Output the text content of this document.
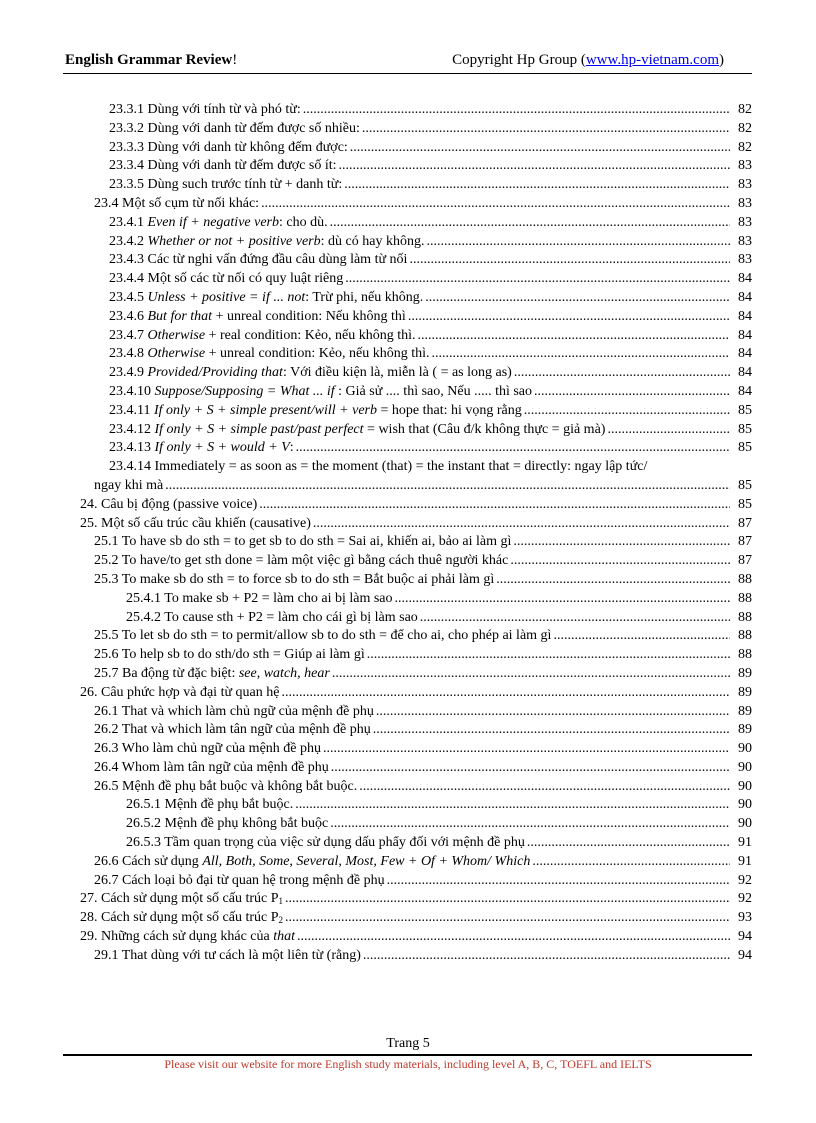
English Grammar Review!	Copyright Hp Group (www.hp-vietnam.com)
23.3.1 Dùng với tính từ và phó từ: .....	82
23.3.2 Dùng với danh từ đếm được số nhiều: .....	82
23.3.3 Dùng với danh từ không đếm được: .....	82
23.3.4 Dùng với danh từ đếm được số ít: .....	83
23.3.5 Dùng such trước tính từ + danh từ: .....	83
23.4 Một số cụm từ nối khác: .....	83
23.4.1 Even if + negative verb: cho dù. .....	83
23.4.2 Whether or not + positive verb: dù có hay không. .....	83
23.4.3 Các từ nghi vấn đứng đầu câu dùng làm từ nối .....	83
23.4.4 Một số các từ nối có quy luật riêng .....	84
23.4.5 Unless + positive = if ... not: Trừ phi, nếu không. .....	84
23.4.6 But for that + unreal condition: Nếu không thì .....	84
23.4.7 Otherwise + real condition: Kẻo, nếu không thì. .....	84
23.4.8 Otherwise + unreal condition: Kẻo, nếu không thì. .....	84
23.4.9 Provided/Providing that: Với điều kiện là, miễn là ( = as long as) .....	84
23.4.10 Suppose/Supposing = What ... if : Giả sử .... thì sao, Nếu ..... thì sao .....	84
23.4.11 If only + S + simple present/will + verb = hope that: hi vọng rằng .....	85
23.4.12 If only + S + simple past/past perfect = wish that (Câu đ/k không thực = giả mà) .....	85
23.4.13 If only + S + would + V: .....	85
23.4.14 Immediately = as soon as = the moment (that) = the instant that = directly: ngay lập tức/
ngay khi mà .....	85
24. Câu bị động (passive voice) .....	85
25. Một số cấu trúc cầu khiến (causative) .....	87
25.1 To have sb do sth = to get sb to do sth = Sai ai, khiến ai, bảo ai làm gì .....	87
25.2 To have/to get sth done = làm một việc gì bằng cách thuê người khác .....	87
25.3 To make sb do sth = to force sb to do sth = Bắt buộc ai phải làm gì .....	88
25.4.1 To make sb + P2 = làm cho ai bị làm sao .....	88
25.4.2 To cause sth + P2 = làm cho cái gì bị làm sao .....	88
25.5 To let sb do sth = to permit/allow sb to do sth = để cho ai, cho phép ai làm gì .....	88
25.6 To help sb to do sth/do sth = Giúp ai làm gì .....	88
25.7 Ba động từ đặc biệt: see, watch, hear .....	89
26. Câu phức hợp và đại từ quan hệ .....	89
26.1 That và which làm chủ ngữ của mệnh đề phụ .....	89
26.2 That và which làm tân ngữ của mệnh đề phụ .....	89
26.3 Who làm chủ ngữ của mệnh đề phụ .....	90
26.4 Whom làm tân ngữ của mệnh đề phụ .....	90
26.5 Mệnh đề phụ bắt buộc và không bắt buộc. .....	90
26.5.1 Mệnh đề phụ bắt buộc. .....	90
26.5.2 Mệnh đề phụ không bắt buộc .....	90
26.5.3 Tầm quan trọng của việc sử dụng dấu phẩy đối với mệnh đề phụ .....	91
26.6 Cách sử dụng All, Both, Some, Several, Most, Few + Of + Whom/ Which .....	91
26.7 Cách loại bỏ đại từ quan hệ trong mệnh đề phụ .....	92
27. Cách sử dụng một số cấu trúc $P_1$ .....	92
28. Cách sử dụng một số cấu trúc $P_2$ .....	93
29. Những cách sử dụng khác của that .....	94
29.1 That dùng với tư cách là một liên từ (rằng) .....	94
Trang 5
Please visit our website for more English study materials, including level A, B, C, TOEFL and IELTS
